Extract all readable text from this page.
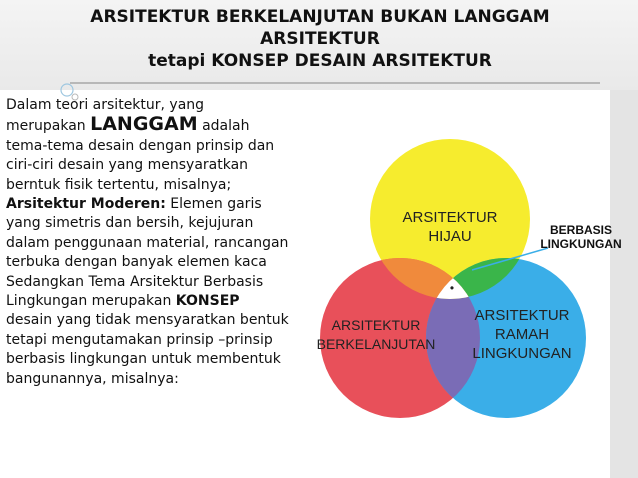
ARSITEKTUR BERKELANJUTAN BUKAN LANGGAM
ARSITEKTUR
tetapi KONSEP DESAIN ARSITEKTUR

Dalam teori arsitektur, yang
merupakan LANGGAM adalah
tema-tema desain dengan prinsip dan
ciri-ciri desain yang mensyaratkan
berntuk fisik tertentu, misalnya;
Arsitektur Moderen: Elemen garis
yang simetris dan bersih, kejujuran
dalam penggunaan material, rancangan
terbuka dengan banyak elemen kaca
Sedangkan Tema Arsitektur Berbasis
Lingkungan merupakan KONSEP
desain yang tidak mensyaratkan bentuk
tetapi mengutamakan prinsip –prinsip
berbasis lingkungan untuk membentuk
bangunannya, misalnya:

ARSITEKTUR
HIJAU
ARSITEKTUR
BERKELANJUTAN
ARSITEKTUR
RAMAH
LINGKUNGAN
•
BERBASIS
LINGKUNGAN
